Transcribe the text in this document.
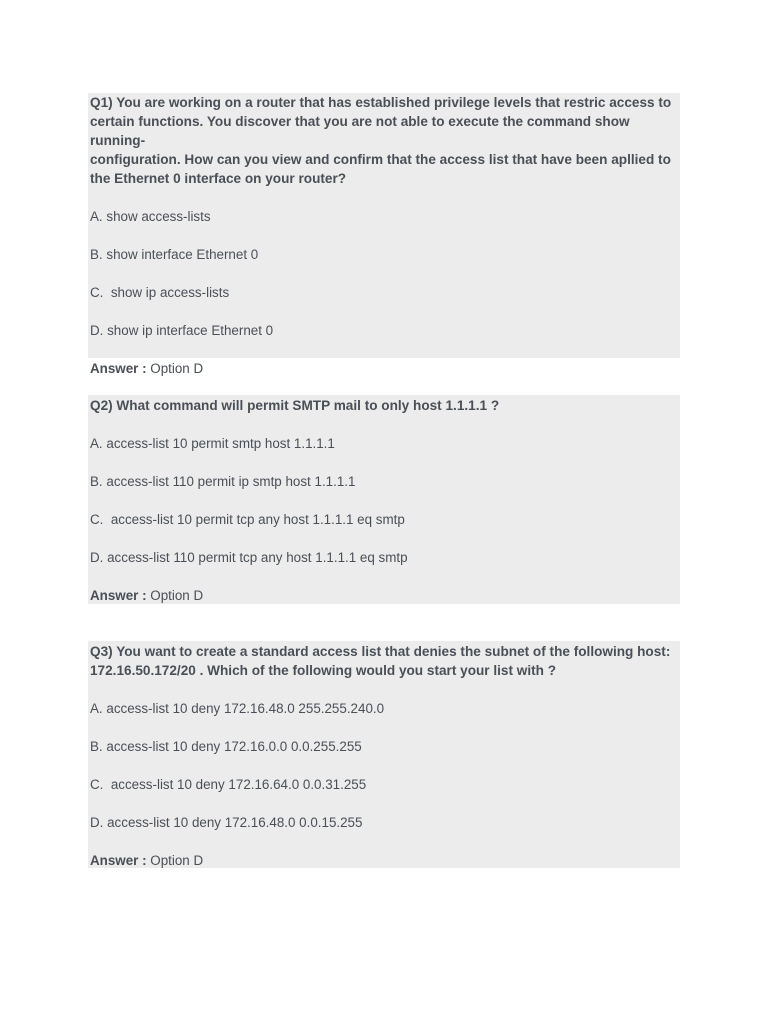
Q1) You are working on a router that has established privilege levels that restric access to
certain functions. You discover that you are not able to execute the command show running-
configuration. How can you view and confirm that the access list that have been apllied to
the Ethernet 0 interface on your router?

A. show access-lists
B. show interface Ethernet 0
C.  show ip access-lists
D. show ip interface Ethernet 0
Answer : Option D

Q2) What command will permit SMTP mail to only host 1.1.1.1 ?

A. access-list 10 permit smtp host 1.1.1.1
B. access-list 110 permit ip smtp host 1.1.1.1
C.  access-list 10 permit tcp any host 1.1.1.1 eq smtp
D. access-list 110 permit tcp any host 1.1.1.1 eq smtp
Answer : Option D

Q3) You want to create a standard access list that denies the subnet of the following host:
172.16.50.172/20 . Which of the following would you start your list with ?

A. access-list 10 deny 172.16.48.0 255.255.240.0
B. access-list 10 deny 172.16.0.0 0.0.255.255
C.  access-list 10 deny 172.16.64.0 0.0.31.255
D. access-list 10 deny 172.16.48.0 0.0.15.255
Answer : Option D
